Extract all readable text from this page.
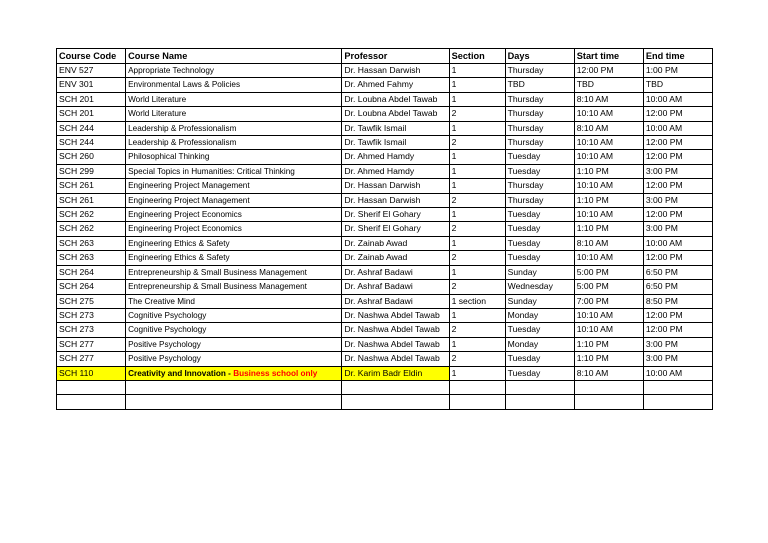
Course Code	Course Name	Professor	Section	Days	Start time	End time
ENV 527	Appropriate Technology	Dr. Hassan Darwish	1	Thursday	12:00 PM	1:00 PM
ENV 301	Environmental Laws & Policies	Dr. Ahmed Fahmy	1	TBD	TBD	TBD
SCH 201	World Literature	Dr. Loubna Abdel Tawab	1	Thursday	8:10 AM	10:00 AM
SCH 201	World Literature	Dr. Loubna Abdel Tawab	2	Thursday	10:10 AM	12:00 PM
SCH 244	Leadership & Professionalism	Dr. Tawfik Ismail	1	Thursday	8:10 AM	10:00 AM
SCH 244	Leadership & Professionalism	Dr. Tawfik Ismail	2	Thursday	10:10 AM	12:00 PM
SCH 260	Philosophical Thinking	Dr. Ahmed Hamdy	1	Tuesday	10:10 AM	12:00 PM
SCH 299	Special Topics in Humanities: Critical Thinking	Dr. Ahmed Hamdy	1	Tuesday	1:10 PM	3:00 PM
SCH 261	Engineering Project Management	Dr. Hassan Darwish	1	Thursday	10:10 AM	12:00 PM
SCH 261	Engineering Project Management	Dr. Hassan Darwish	2	Thursday	1:10 PM	3:00 PM
SCH 262	Engineering Project Economics	Dr. Sherif El Gohary	1	Tuesday	10:10 AM	12:00 PM
SCH 262	Engineering Project Economics	Dr. Sherif El Gohary	2	Tuesday	1:10 PM	3:00 PM
SCH 263	Engineering Ethics & Safety	Dr. Zainab Awad	1	Tuesday	8:10 AM	10:00 AM
SCH 263	Engineering Ethics & Safety	Dr. Zainab Awad	2	Tuesday	10:10 AM	12:00 PM
SCH 264	Entrepreneurship & Small Business Management	Dr. Ashraf Badawi	1	Sunday	5:00 PM	6:50 PM
SCH 264	Entrepreneurship & Small Business Management	Dr. Ashraf Badawi	2	Wednesday	5:00 PM	6:50 PM
SCH 275	The Creative Mind	Dr. Ashraf Badawi	1 section	Sunday	7:00 PM	8:50 PM
SCH 273	Cognitive Psychology	Dr. Nashwa Abdel Tawab	1	Monday	10:10 AM	12:00 PM
SCH 273	Cognitive Psychology	Dr. Nashwa Abdel Tawab	2	Tuesday	10:10 AM	12:00 PM
SCH 277	Positive Psychology	Dr. Nashwa Abdel Tawab	1	Monday	1:10 PM	3:00 PM
SCH 277	Positive Psychology	Dr. Nashwa Abdel Tawab	2	Tuesday	1:10 PM	3:00 PM
SCH 110	Creativity and Innovation - Business school only	Dr. Karim Badr Eldin	1	Tuesday	8:10 AM	10:00 AM
